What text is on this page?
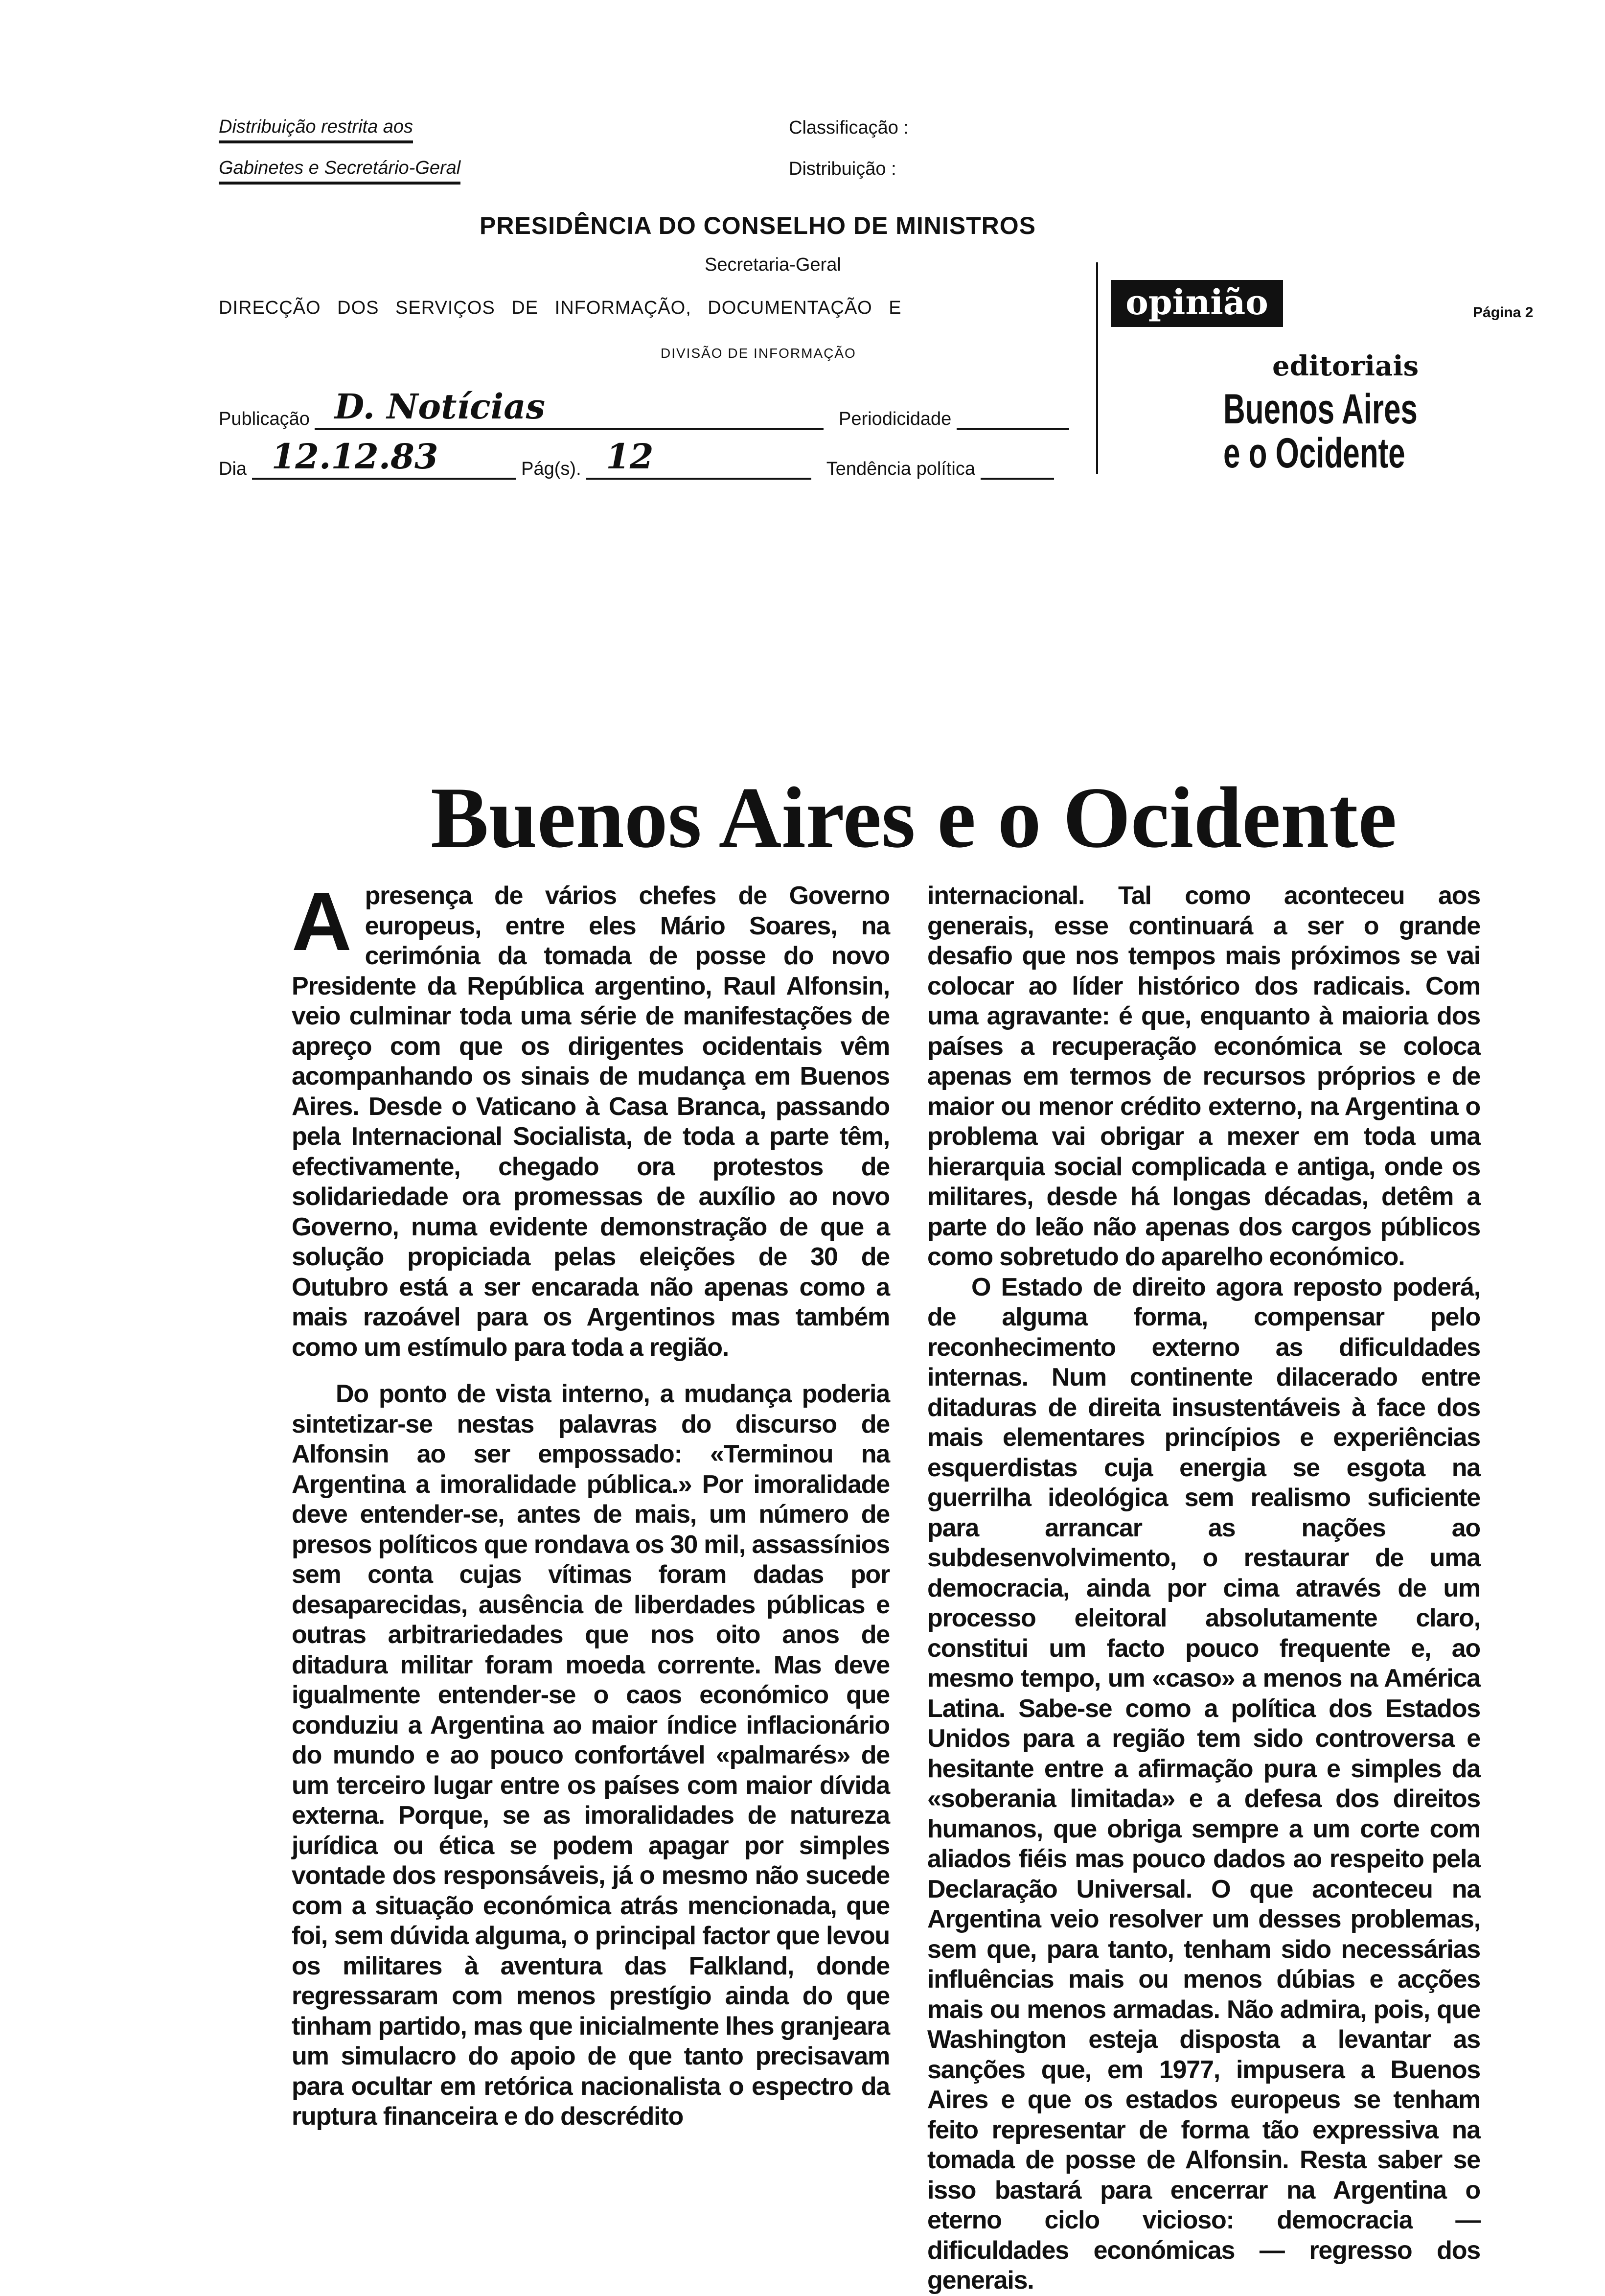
Distribuição restrita aos
Gabinetes e Secretário-Geral
Classificação :
Distribuição :
PRESIDÊNCIA DO CONSELHO DE MINISTROS
Secretaria-Geral
DIRECÇÃO DOS SERVIÇOS DE INFORMAÇÃO, DOCUMENTAÇÃO E
DIVISÃO DE INFORMAÇÃO
Publicação D. Notícias	Periodicidade
Dia 12.12.83	Pág(s). 12	Tendência política
opinião	Página 2
editoriais
Buenos Aires
e o Ocidente
Buenos Aires e o Ocidente

Apresença de vários chefes de Governo europeus, entre eles Mário Soares, na cerimónia da tomada de posse do novo Presidente da República argentino, Raul Alfonsin, veio culminar toda uma série de manifestações de apreço com que os dirigentes ocidentais vêm acompanhando os sinais de mudança em Buenos Aires. Desde o Vaticano à Casa Branca, passando pela Internacional Socialista, de toda a parte têm, efectivamente, chegado ora protestos de solidariedade ora promessas de auxílio ao novo Governo, numa evidente demonstração de que a solução propiciada pelas eleições de 30 de Outubro está a ser encarada não apenas como a mais razoável para os Argentinos mas também como um estímulo para toda a região.

Do ponto de vista interno, a mudança poderia sintetizar-se nestas palavras do discurso de Alfonsin ao ser empossado: «Terminou na Argentina a imoralidade pública.» Por imoralidade deve entender-se, antes de mais, um número de presos políticos que rondava os 30 mil, assassínios sem conta cujas vítimas foram dadas por desaparecidas, ausência de liberdades públicas e outras arbitrariedades que nos oito anos de ditadura militar foram moeda corrente. Mas deve igualmente entender-se o caos económico que conduziu a Argentina ao maior índice inflacionário do mundo e ao pouco confortável «palmarés» de um terceiro lugar entre os países com maior dívida externa. Porque, se as imoralidades de natureza jurídica ou ética se podem apagar por simples vontade dos responsáveis, já o mesmo não sucede com a situação económica atrás mencionada, que foi, sem dúvida alguma, o principal factor que levou os militares à aventura das Falkland, donde regressaram com menos prestígio ainda do que tinham partido, mas que inicialmente lhes granjeara um simulacro do apoio de que tanto precisavam para ocultar em retórica nacionalista o espectro da ruptura financeira e do descrédito

internacional. Tal como aconteceu aos generais, esse continuará a ser o grande desafio que nos tempos mais próximos se vai colocar ao líder histórico dos radicais. Com uma agravante: é que, enquanto à maioria dos países a recuperação económica se coloca apenas em termos de recursos próprios e de maior ou menor crédito externo, na Argentina o problema vai obrigar a mexer em toda uma hierarquia social complicada e antiga, onde os militares, desde há longas décadas, detêm a parte do leão não apenas dos cargos públicos como sobretudo do aparelho económico.

O Estado de direito agora reposto poderá, de alguma forma, compensar pelo reconhecimento externo as dificuldades internas. Num continente dilacerado entre ditaduras de direita insustentáveis à face dos mais elementares princípios e experiências esquerdistas cuja energia se esgota na guerrilha ideológica sem realismo suficiente para arrancar as nações ao subdesenvolvimento, o restaurar de uma democracia, ainda por cima através de um processo eleitoral absolutamente claro, constitui um facto pouco frequente e, ao mesmo tempo, um «caso» a menos na América Latina. Sabe-se como a política dos Estados Unidos para a região tem sido controversa e hesitante entre a afirmação pura e simples da «soberania limitada» e a defesa dos direitos humanos, que obriga sempre a um corte com aliados fiéis mas pouco dados ao respeito pela Declaração Universal. O que aconteceu na Argentina veio resolver um desses problemas, sem que, para tanto, tenham sido necessárias influências mais ou menos dúbias e acções mais ou menos armadas. Não admira, pois, que Washington esteja disposta a levantar as sanções que, em 1977, impusera a Buenos Aires e que os estados europeus se tenham feito representar de forma tão expressiva na tomada de posse de Alfonsin. Resta saber se isso bastará para encerrar na Argentina o eterno ciclo vicioso: democracia — dificuldades económicas — regresso dos generais.
